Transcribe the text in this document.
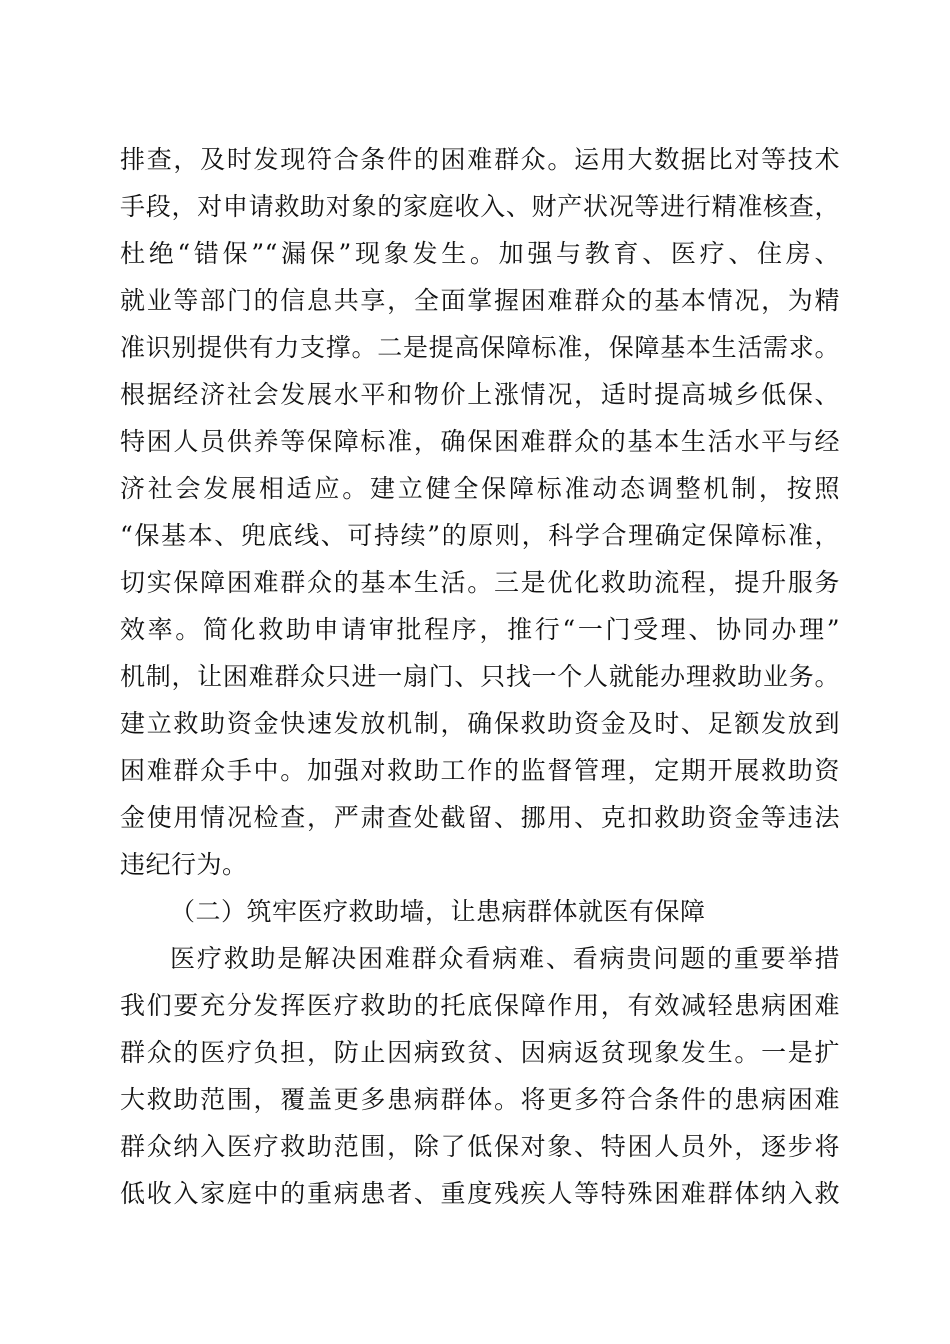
排查，及时发现符合条件的困难群众。运用大数据比对等技术
手段，对申请救助对象的家庭收入、财产状况等进行精准核查，
杜绝“错保”“漏保”现象发生。加强与教育、医疗、住房、
就业等部门的信息共享，全面掌握困难群众的基本情况，为精
准识别提供有力支撑。二是提高保障标准，保障基本生活需求。
根据经济社会发展水平和物价上涨情况，适时提高城乡低保、
特困人员供养等保障标准，确保困难群众的基本生活水平与经
济社会发展相适应。建立健全保障标准动态调整机制，按照
“保基本、兜底线、可持续”的原则，科学合理确定保障标准，
切实保障困难群众的基本生活。三是优化救助流程，提升服务
效率。简化救助申请审批程序，推行“一门受理、协同办理”
机制，让困难群众只进一扇门、只找一个人就能办理救助业务。
建立救助资金快速发放机制，确保救助资金及时、足额发放到
困难群众手中。加强对救助工作的监督管理，定期开展救助资
金使用情况检查，严肃查处截留、挪用、克扣救助资金等违法
违纪行为。
（二）筑牢医疗救助墙，让患病群体就医有保障
医疗救助是解决困难群众看病难、看病贵问题的重要举措
我们要充分发挥医疗救助的托底保障作用，有效减轻患病困难
群众的医疗负担，防止因病致贫、因病返贫现象发生。一是扩
大救助范围，覆盖更多患病群体。将更多符合条件的患病困难
群众纳入医疗救助范围，除了低保对象、特困人员外，逐步将
低收入家庭中的重病患者、重度残疾人等特殊困难群体纳入救
